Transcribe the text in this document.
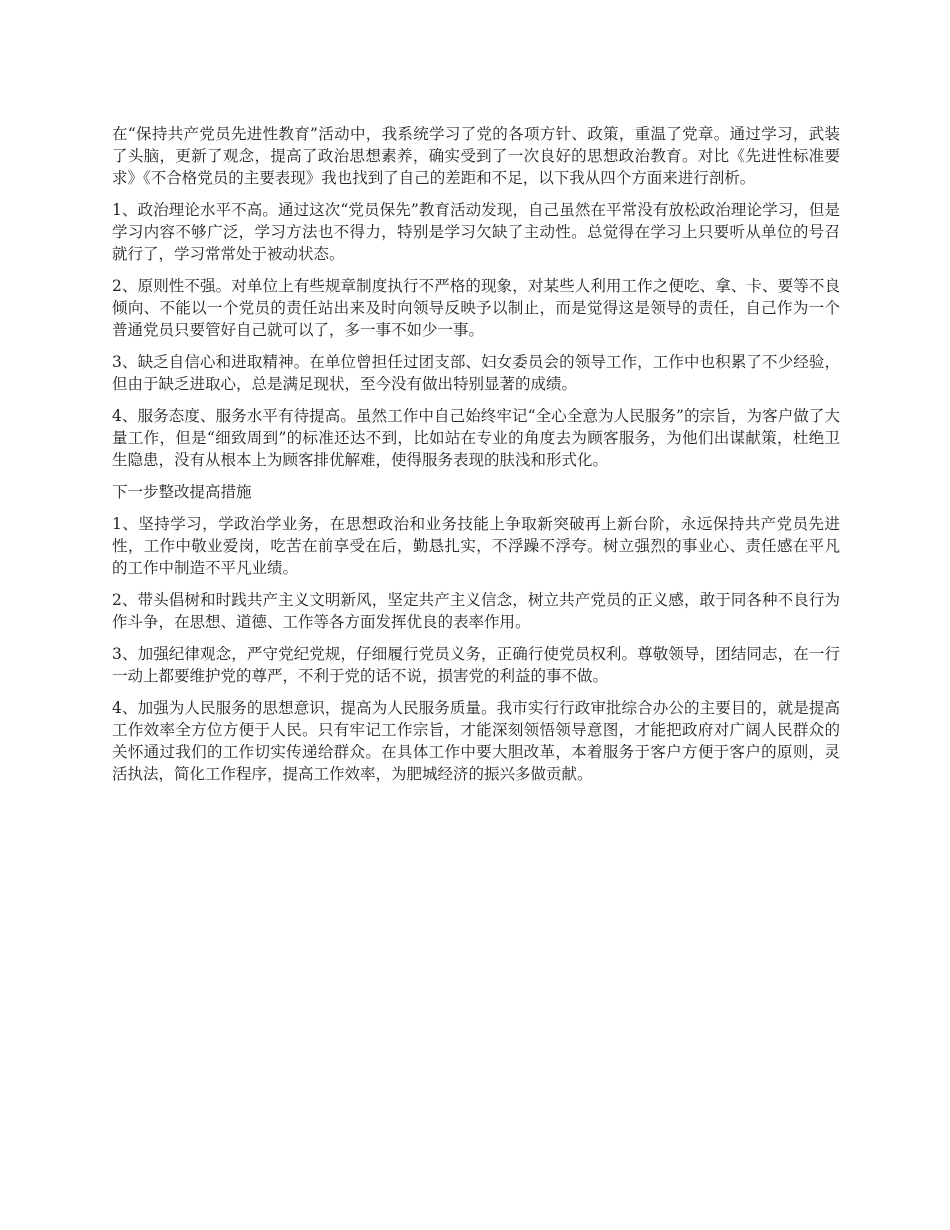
在“保持共产党员先进性教育”活动中，我系统学习了党的各项方针、政策，重温了党章。通过学习，武装了头脑，更新了观念，提高了政治思想素养，确实受到了一次良好的思想政治教育。对比《先进性标准要求》《不合格党员的主要表现》我也找到了自己的差距和不足，以下我从四个方面来进行剖析。

1、政治理论水平不高。通过这次“党员保先”教育活动发现，自己虽然在平常没有放松政治理论学习，但是学习内容不够广泛，学习方法也不得力，特别是学习欠缺了主动性。总觉得在学习上只要听从单位的号召就行了，学习常常处于被动状态。

2、原则性不强。对单位上有些规章制度执行不严格的现象，对某些人利用工作之便吃、拿、卡、要等不良倾向、不能以一个党员的责任站出来及时向领导反映予以制止，而是觉得这是领导的责任，自己作为一个普通党员只要管好自己就可以了，多一事不如少一事。

3、缺乏自信心和进取精神。在单位曾担任过团支部、妇女委员会的领导工作，工作中也积累了不少经验，但由于缺乏进取心，总是满足现状，至今没有做出特别显著的成绩。

4、服务态度、服务水平有待提高。虽然工作中自己始终牢记“全心全意为人民服务”的宗旨，为客户做了大量工作，但是“细致周到”的标准还达不到，比如站在专业的角度去为顾客服务，为他们出谋献策，杜绝卫生隐患，没有从根本上为顾客排优解难，使得服务表现的肤浅和形式化。

下一步整改提高措施

1、坚持学习，学政治学业务，在思想政治和业务技能上争取新突破再上新台阶，永远保持共产党员先进性，工作中敬业爱岗，吃苦在前享受在后，勤恳扎实，不浮躁不浮夸。树立强烈的事业心、责任感在平凡的工作中制造不平凡业绩。

2、带头倡树和时践共产主义文明新风，坚定共产主义信念，树立共产党员的正义感，敢于同各种不良行为作斗争，在思想、道德、工作等各方面发挥优良的表率作用。

3、加强纪律观念，严守党纪党规，仔细履行党员义务，正确行使党员权利。尊敬领导，团结同志，在一行一动上都要维护党的尊严，不利于党的话不说，损害党的利益的事不做。

4、加强为人民服务的思想意识，提高为人民服务质量。我市实行行政审批综合办公的主要目的，就是提高工作效率全方位方便于人民。只有牢记工作宗旨，才能深刻领悟领导意图，才能把政府对广阔人民群众的关怀通过我们的工作切实传递给群众。在具体工作中要大胆改革，本着服务于客户方便于客户的原则，灵活执法，简化工作程序，提高工作效率，为肥城经济的振兴多做贡献。
